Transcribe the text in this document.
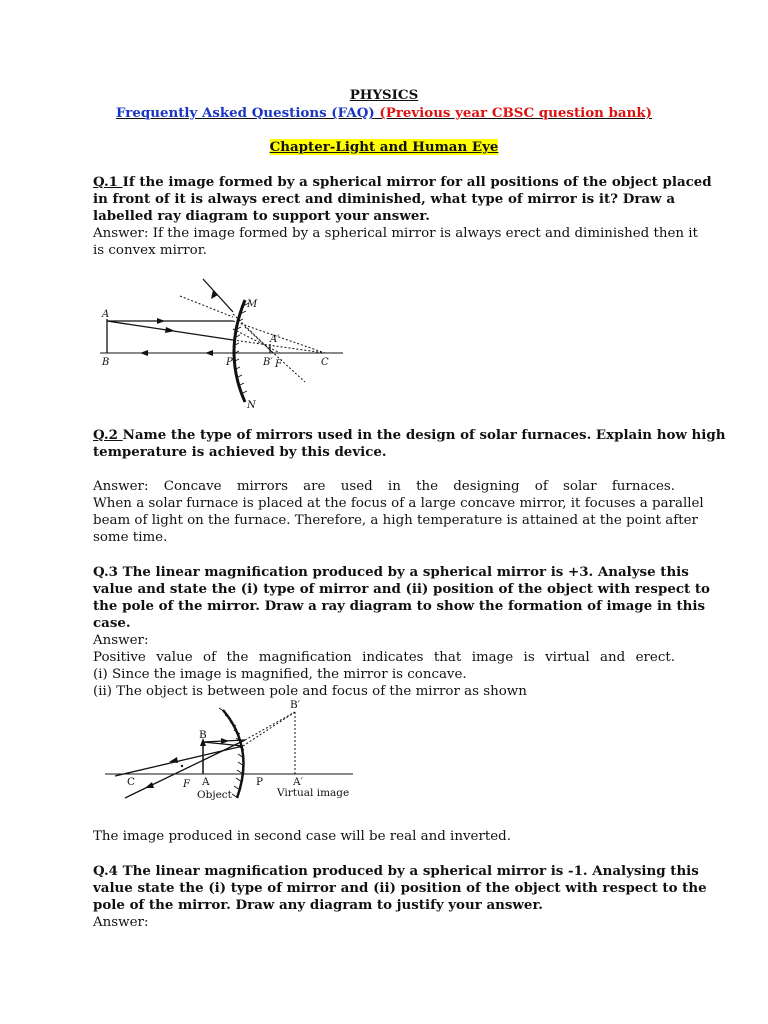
PHYSICS
Frequently Asked Questions (FAQ) (Previous year CBSC question bank)
Chapter-Light and Human Eye
Q.1 If the image formed by a spherical mirror for all positions of the object placed
in front of it is always erect and diminished, what type of mirror is it? Draw a
labelled ray diagram to support your answer.
Answer: If the image formed by a spherical mirror is always erect and diminished then it
is convex mirror.
A
B
M
N
P
A′
B′ F	C
Q.2 Name the type of mirrors used in the design of solar furnaces. Explain how high
temperature is achieved by this device.
Answer: Concave mirrors are used in the designing of solar furnaces.
When a solar furnace is placed at the focus of a large concave mirror, it focuses a parallel
beam of light on the furnace. Therefore, a high temperature is attained at the point after
some time.
Q.3 The linear magnification produced by a spherical mirror is +3. Analyse this
value and state the (i) type of mirror and (ii) position of the object with respect to
the pole of the mirror. Draw a ray diagram to show the formation of image in this
case.
Answer:
Positive value of the magnification indicates that image is virtual and erect.
(i) Since the image is magnified, the mirror is concave.
(ii) The object is between pole and focus of the mirror as shown
B′
B
C	F A	P	A′
Object	Virtual image
The image produced in second case will be real and inverted.
Q.4 The linear magnification produced by a spherical mirror is -1. Analysing this
value state the (i) type of mirror and (ii) position of the object with respect to the
pole of the mirror. Draw any diagram to justify your answer.
Answer:
